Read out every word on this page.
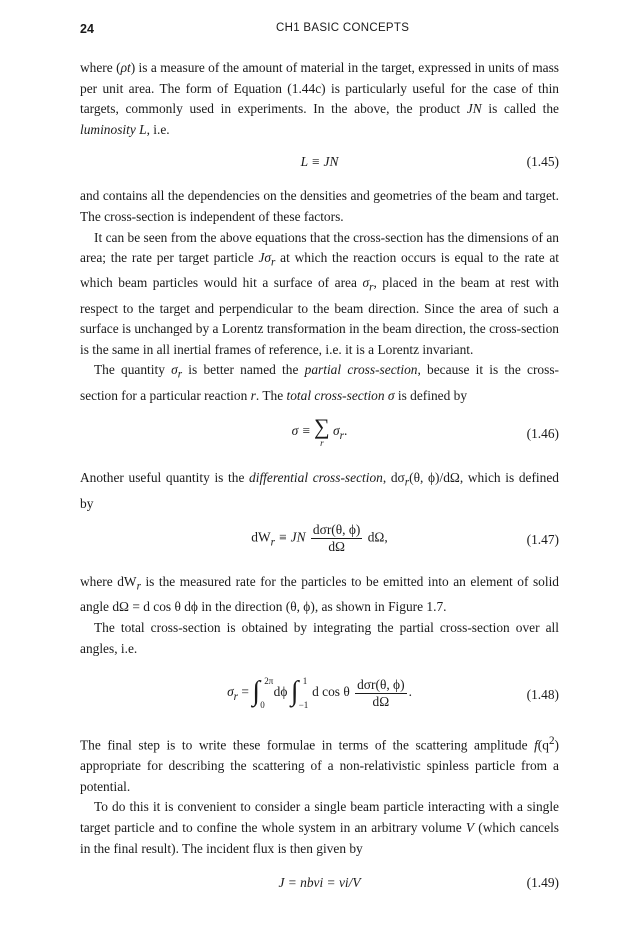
24	CH1 BASIC CONCEPTS

where (ρt) is a measure of the amount of material in the target, expressed in units of mass per unit area. The form of Equation (1.44c) is particularly useful for the case of thin targets, commonly used in experiments. In the above, the product JN is called the luminosity L, i.e.

L ≡ JN	(1.45)

and contains all the dependencies on the densities and geometries of the beam and target. The cross-section is independent of these factors.

It can be seen from the above equations that the cross-section has the dimensions of an area; the rate per target particle $J\sigma_r$ at which the reaction occurs is equal to the rate at which beam particles would hit a surface of area $\sigma_r$, placed in the beam at rest with respect to the target and perpendicular to the beam direction. Since the area of such a surface is unchanged by a Lorentz transformation in the beam direction, the cross-section is the same in all inertial frames of reference, i.e. it is a Lorentz invariant.

The quantity $\sigma_r$ is better named the partial cross-section, because it is the cross-section for a particular reaction r. The total cross-section σ is defined by

σ ≡ ∑
r
$\sigma_r$.	(1.46)

Another useful quantity is the differential cross-section, $d\sigma_r(\theta$, ϕ)/dΩ, which is defined by

$dW_r$ ≡ JN $\frac{\text{dσr(θ, ϕ)}}{d\Omega} d\Omega$,	(1.47)

where $dW_r$ is the measured rate for the particles to be emitted into an element of solid angle dΩ = d cos θ dϕ in the direction (θ, ϕ), as shown in Figure 1.7.

The total cross-section is obtained by integrating the partial cross-section over all angles, i.e.

$\sigma_r$ = ∫ 2π
0
dϕ ∫ 1
−1
d cos θ $\frac{\text{dσr(θ, ϕ)}}{d\Omega}$ .	(1.48)

The final step is to write these formulae in terms of the scattering amplitude $f(q^2)$ appropriate for describing the scattering of a non-relativistic spinless particle from a potential.

To do this it is convenient to consider a single beam particle interacting with a single target particle and to confine the whole system in an arbitrary volume V (which cancels in the final result). The incident flux is then given by

J = nbvi = vi/V	(1.49)
